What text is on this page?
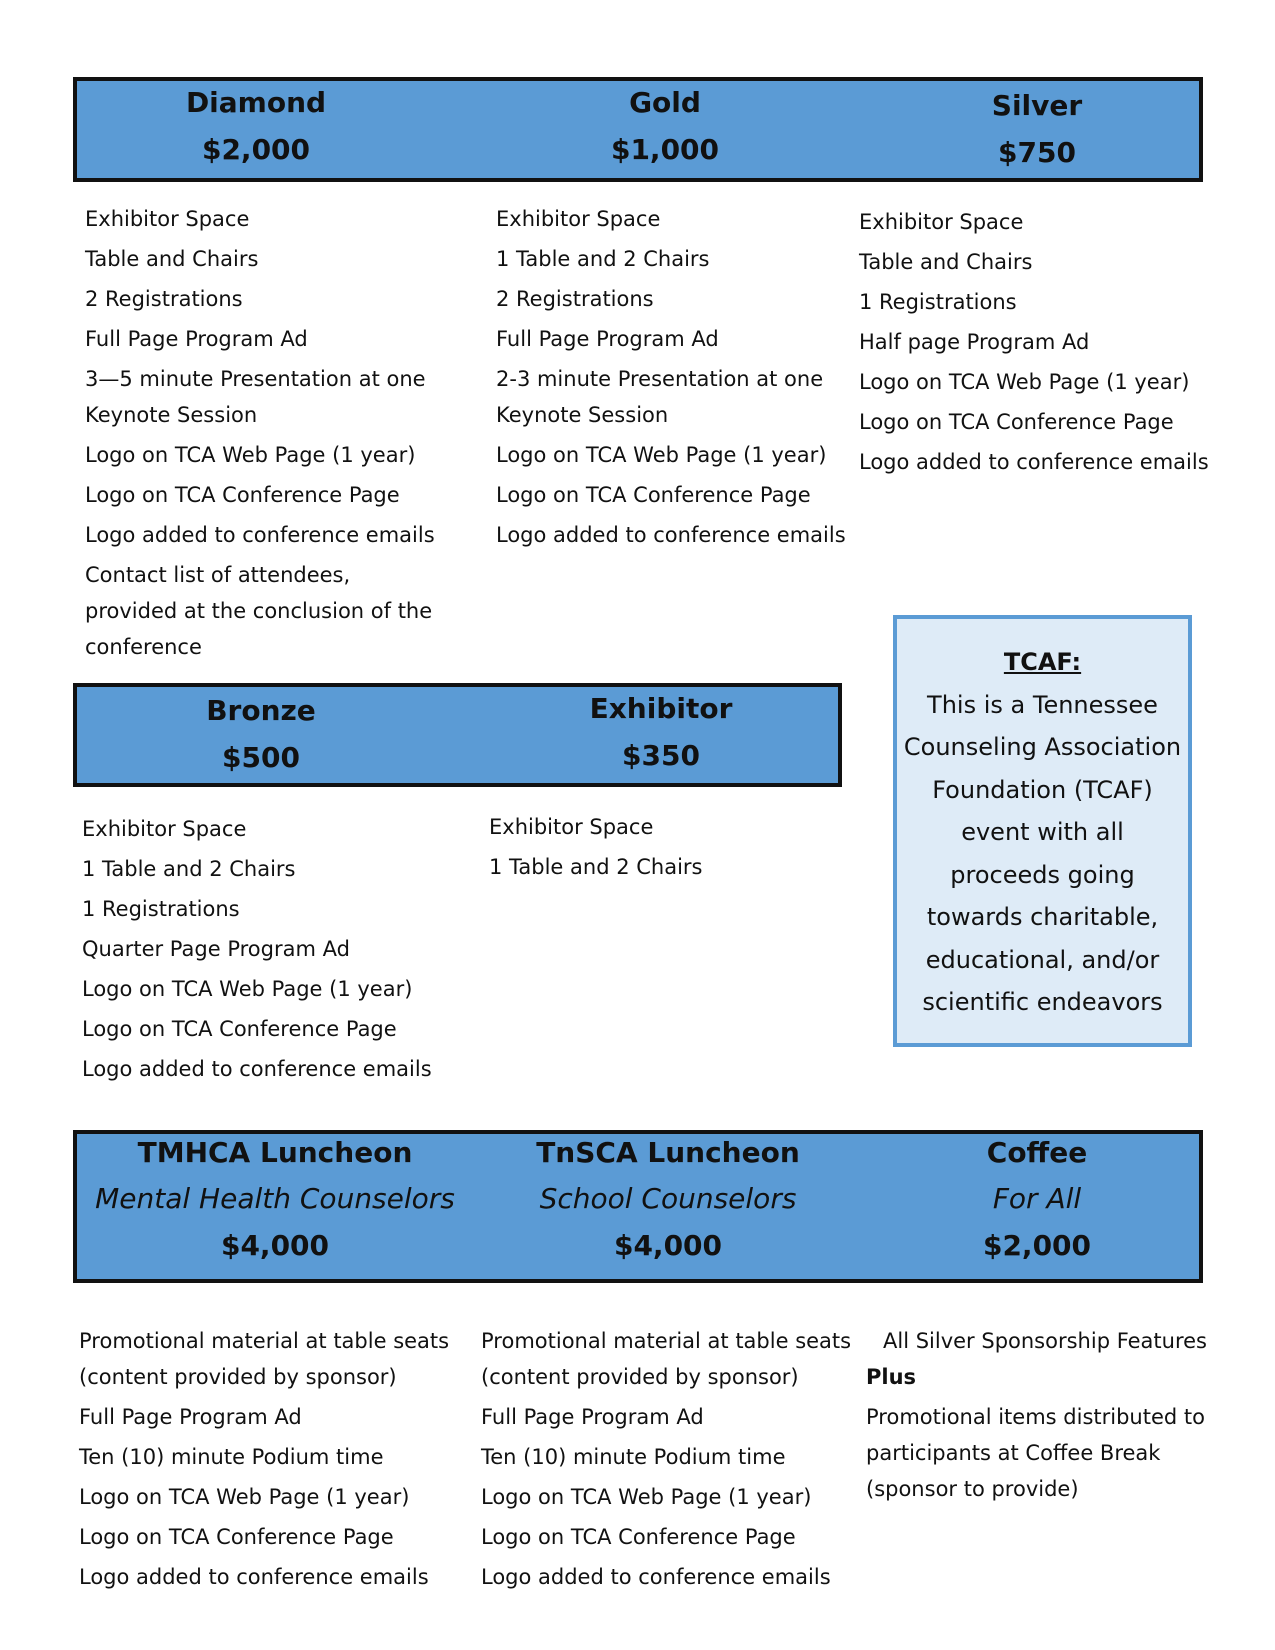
Diamond
$2,000
Gold
$1,000
Silver
$750
Exhibitor Space
Table and Chairs
2 Registrations
Full Page Program Ad
3—5 minute Presentation at one Keynote Session
Logo on TCA Web Page (1 year)
Logo on TCA Conference Page
Logo added to conference emails
Contact list of attendees, provided at the conclusion of the conference
Exhibitor Space
1 Table and 2 Chairs
2 Registrations
Full Page Program Ad
2-3 minute Presentation at one Keynote Session
Logo on TCA Web Page (1 year)
Logo on TCA Conference Page
Logo added to conference emails
Exhibitor Space
Table and Chairs
1 Registrations
Half page Program Ad
Logo on TCA Web Page (1 year)
Logo on TCA Conference Page
Logo added to conference emails
Bronze
$500
Exhibitor
$350
Exhibitor Space
1 Table and 2 Chairs
1 Registrations
Quarter Page Program Ad
Logo on TCA Web Page (1 year)
Logo on TCA Conference Page
Logo added to conference emails
Exhibitor Space
1 Table and 2 Chairs
TCAF:
This is a Tennessee Counseling Association Foundation (TCAF) event with all proceeds going towards charitable, educational, and/or scientific endeavors
TMHCA Luncheon
Mental Health Counselors
$4,000
TnSCA Luncheon
School Counselors
$4,000
Coffee
For All
$2,000
Promotional material at table seats (content provided by sponsor)
Full Page Program Ad
Ten (10) minute Podium time
Logo on TCA Web Page (1 year)
Logo on TCA Conference Page
Logo added to conference emails
Promotional material at table seats (content provided by sponsor)
Full Page Program Ad
Ten (10) minute Podium time
Logo on TCA Web Page (1 year)
Logo on TCA Conference Page
Logo added to conference emails
All Silver Sponsorship Features
Plus
Promotional items distributed to participants at Coffee Break (sponsor to provide)
